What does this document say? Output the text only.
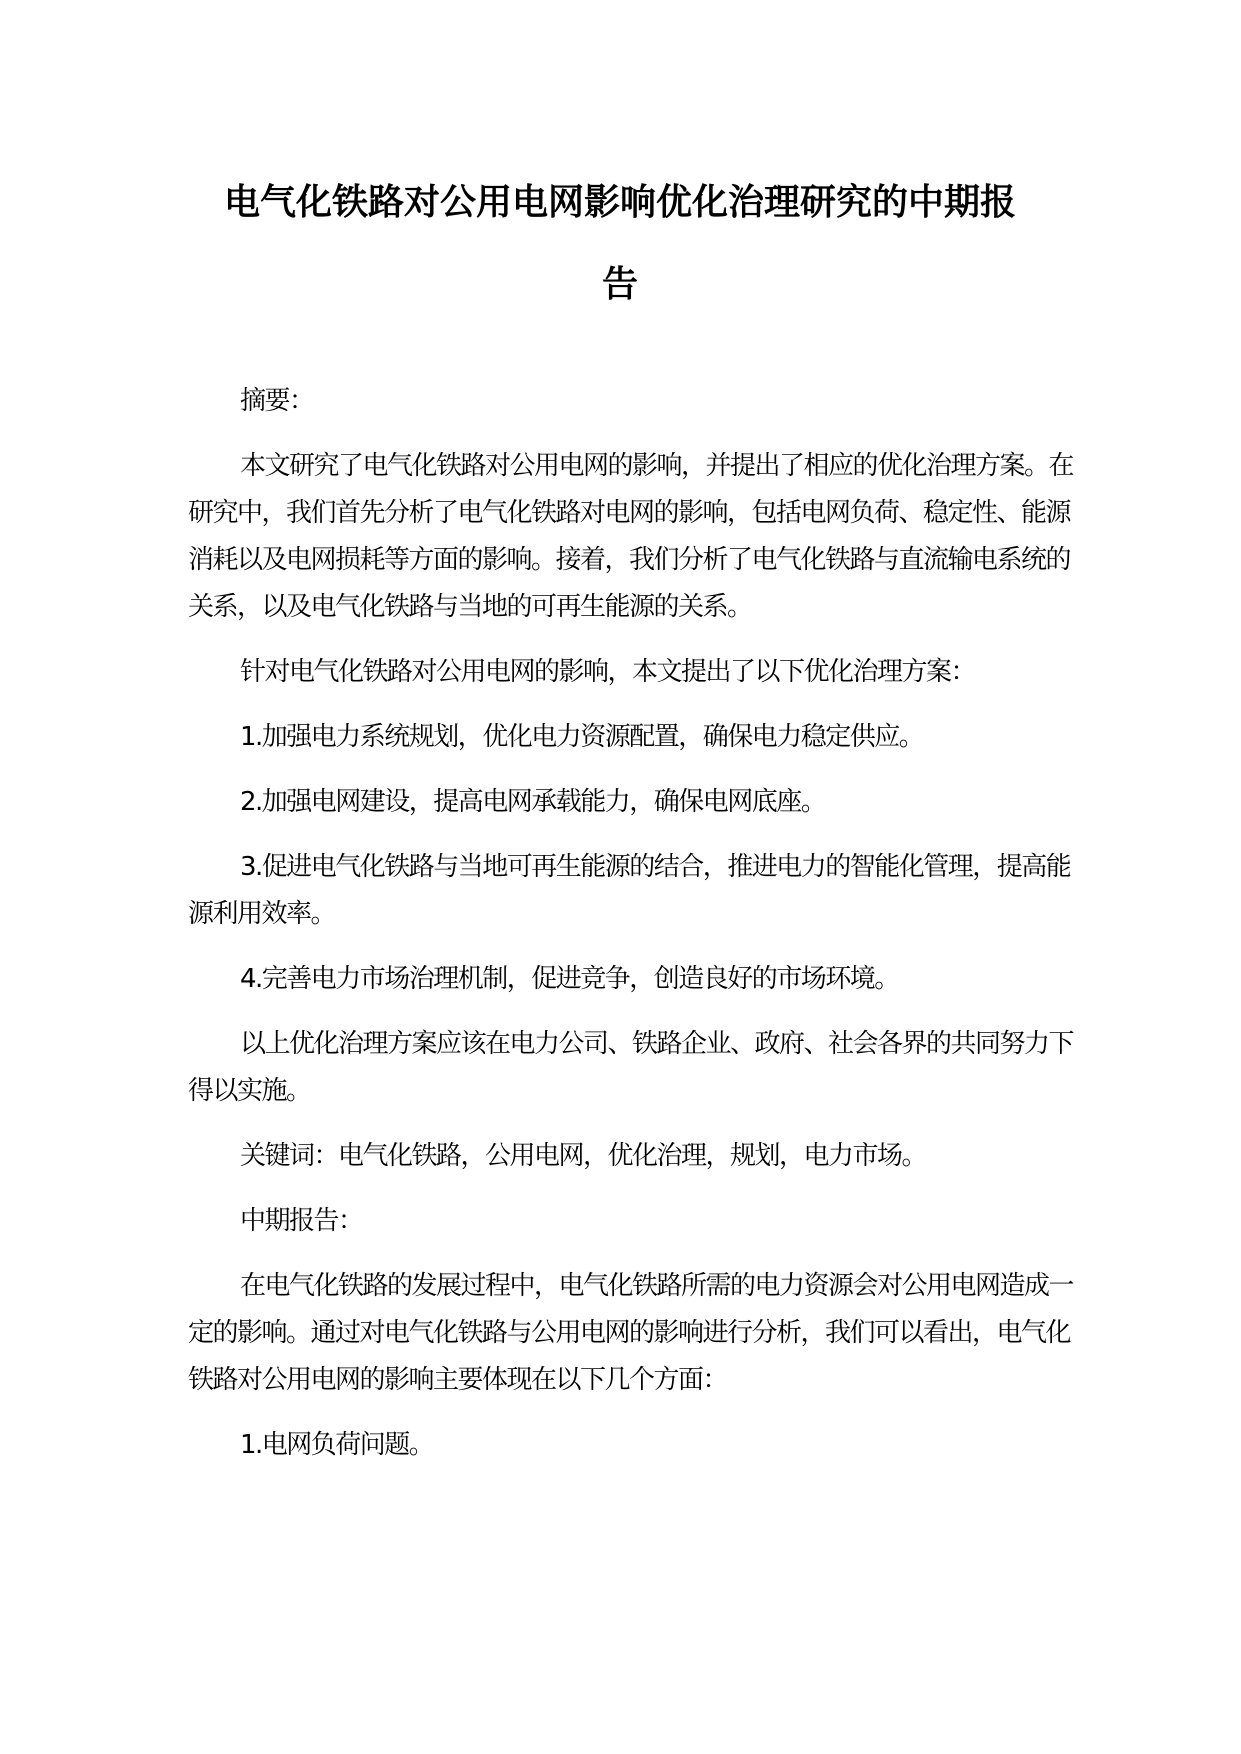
电气化铁路对公用电网影响优化治理研究的中期报
告

摘要：

本文研究了电气化铁路对公用电网的影响，并提出了相应的优化治理方案。在研究中，我们首先分析了电气化铁路对电网的影响，包括电网负荷、稳定性、能源消耗以及电网损耗等方面的影响。接着，我们分析了电气化铁路与直流输电系统的关系，以及电气化铁路与当地的可再生能源的关系。

针对电气化铁路对公用电网的影响，本文提出了以下优化治理方案：

1.加强电力系统规划，优化电力资源配置，确保电力稳定供应。

2.加强电网建设，提高电网承载能力，确保电网底座。

3.促进电气化铁路与当地可再生能源的结合，推进电力的智能化管理，提高能源利用效率。

4.完善电力市场治理机制，促进竞争，创造良好的市场环境。

以上优化治理方案应该在电力公司、铁路企业、政府、社会各界的共同努力下得以实施。

关键词：电气化铁路，公用电网，优化治理，规划，电力市场。

中期报告：

在电气化铁路的发展过程中，电气化铁路所需的电力资源会对公用电网造成一定的影响。通过对电气化铁路与公用电网的影响进行分析，我们可以看出，电气化铁路对公用电网的影响主要体现在以下几个方面：

1.电网负荷问题。
